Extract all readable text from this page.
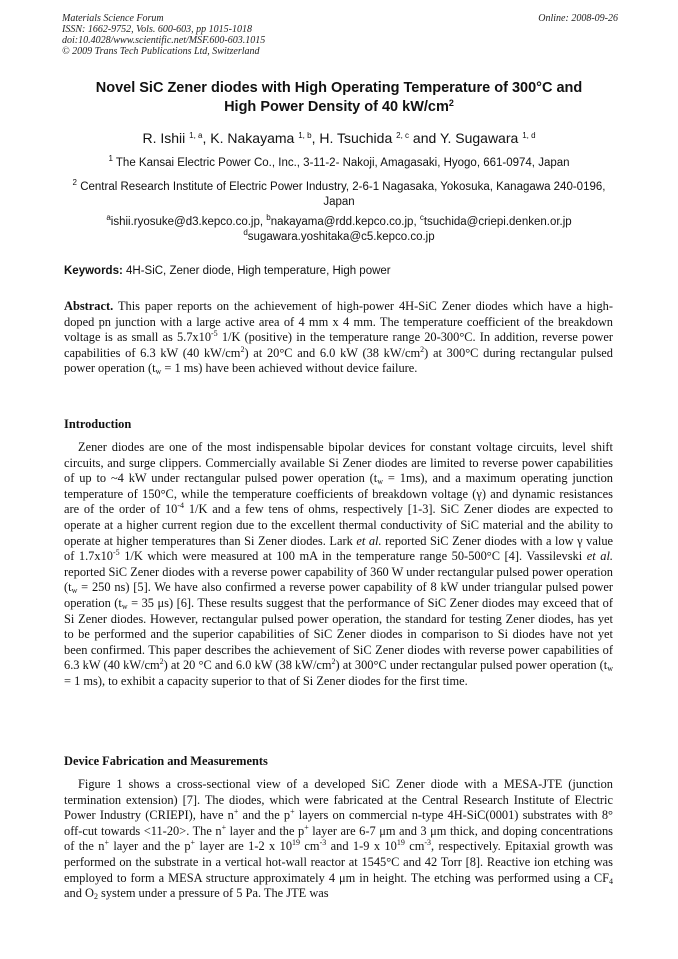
Materials Science Forum
ISSN: 1662-9752, Vols. 600-603, pp 1015-1018
doi:10.4028/www.scientific.net/MSF.600-603.1015
© 2009 Trans Tech Publications Ltd, Switzerland
Online: 2008-09-26
Novel SiC Zener diodes with High Operating Temperature of 300°C and
High Power Density of 40 $kW/cm^2$
R. Ishii $^{1, a}$, K. Nakayama $^{1, b}$, H. Tsuchida $^{2, c}$ and Y. Sugawara $^{1, d}$
$^1$ The Kansai Electric Power Co., Inc., 3-11-2- Nakoji, Amagasaki, Hyogo, 661-0974, Japan
$^2$ Central Research Institute of Electric Power Industry, 2-6-1 Nagasaka, Yokosuka, Kanagawa 240-0196, Japan
$^a$ishii.ryosuke@d3.kepco.co.jp, $^b$nakayama@rdd.kepco.co.jp, $^c$tsuchida@criepi.denken.or.jp
$^d$sugawara.yoshitaka@c5.kepco.co.jp
Keywords: 4H-SiC, Zener diode, High temperature, High power
Abstract. This paper reports on the achievement of high-power 4H-SiC Zener diodes which have a high-doped pn junction with a large active area of 4 mm x 4 mm. The temperature coefficient of the breakdown voltage is as small as $5.7x10^{-5}$ 1/K (positive) in the temperature range 20-300°C. In addition, reverse power capabilities of 6.3 kW (40 $kW/cm^2$) at 20°C and 6.0 kW (38 $kW/cm^2$) at 300°C during rectangular pulsed power operation ($t_w = 1$ ms) have been achieved without device failure.
Introduction
Zener diodes are one of the most indispensable bipolar devices for constant voltage circuits, level shift circuits, and surge clippers. Commercially available Si Zener diodes are limited to reverse power capabilities of up to ~4 kW under rectangular pulsed power operation $(t_w = 1ms)$, and a maximum operating junction temperature of 150°C, while the temperature coefficients of breakdown voltage (γ) and dynamic resistances are of the order of $10^{-4}$ 1/K and a few tens of ohms, respectively [1-3]. SiC Zener diodes are expected to operate at a higher current region due to the excellent thermal conductivity of SiC material and the ability to operate at higher temperatures than Si Zener diodes. Lark et al. reported SiC Zener diodes with a low γ value of $1.7x10^{-5}$ 1/K which were measured at 100 mA in the temperature range 50-500°C [4]. Vassilevski et al. reported SiC Zener diodes with a reverse power capability of 360 W under rectangular pulsed power operation ($t_w = 250$ ns) [5]. We have also confirmed a reverse power capability of 8 kW under triangular pulsed power operation ($t_w = 35$ μs) [6]. These results suggest that the performance of SiC Zener diodes may exceed that of Si Zener diodes. However, rectangular pulsed power operation, the standard for testing Zener diodes, has yet to be performed and the superior capabilities of SiC Zener diodes in comparison to Si diodes have not yet been confirmed. This paper describes the achievement of SiC Zener diodes with reverse power capabilities of 6.3 kW (40 $kW/cm^2$) at 20 °C and 6.0 kW (38 $kW/cm^2$) at 300°C under rectangular pulsed power operation ($t_w = 1$ ms), to exhibit a capacity superior to that of Si Zener diodes for the first time.
Device Fabrication and Measurements
Figure 1 shows a cross-sectional view of a developed SiC Zener diode with a MESA-JTE (junction termination extension) [7]. The diodes, which were fabricated at the Central Research Institute of Electric Power Industry (CRIEPI), have n+ and the p+ layers on commercial n-type 4H-SiC(0001) substrates with 8° off-cut towards <11-20>. The n+ layer and the p+ layer are 6-7 μm and 3 μm thick, and doping concentrations of the n+ layer and the p+ layer are 1-2 x $10^{19}$ $cm^{-3}$ and 1-9 x $10^{19}$ $cm^{-3}$, respectively. Epitaxial growth was performed on the substrate in a vertical hot-wall reactor at 1545°C and 42 Torr [8]. Reactive ion etching was employed to form a MESA structure approximately 4 μm in height. The etching was performed using a $CF_4$ and $O_2$ system under a pressure of 5 Pa. The JTE was
